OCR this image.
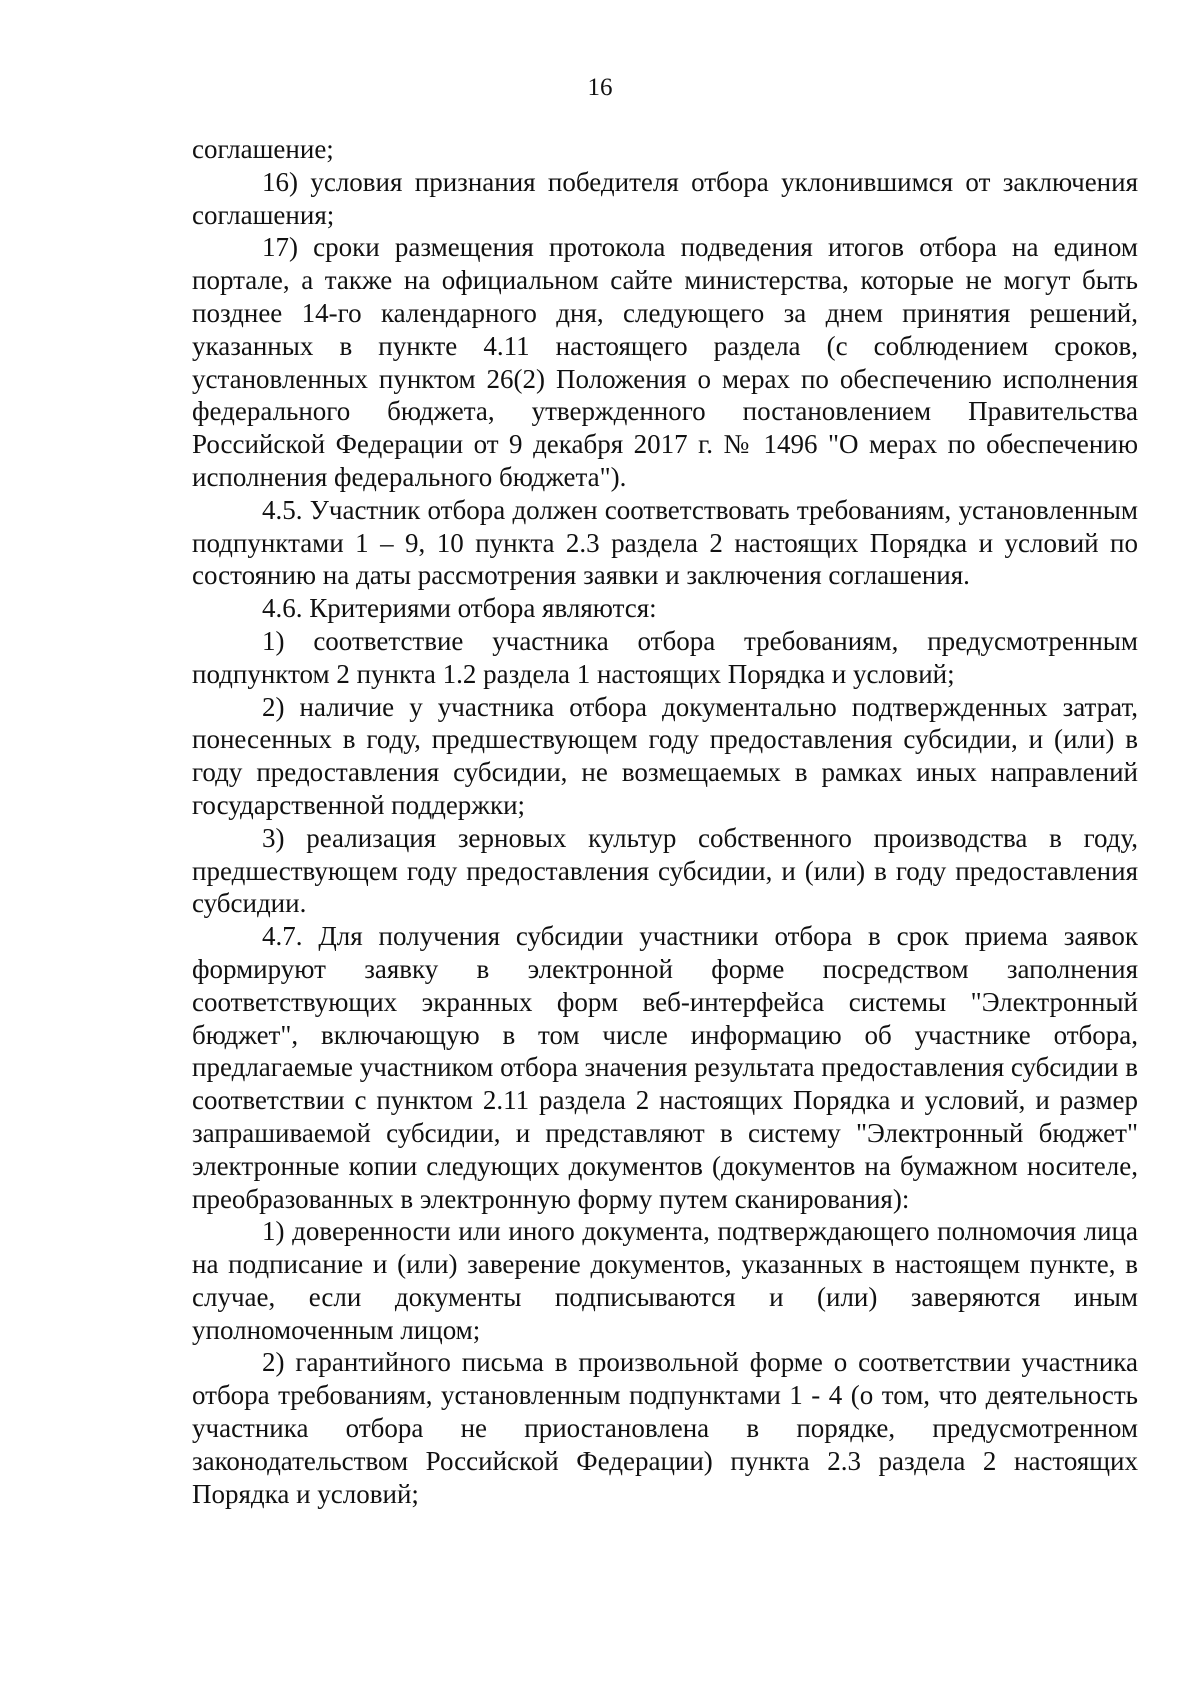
16

соглашение;

16) условия признания победителя отбора уклонившимся от заключения соглашения;

17) сроки размещения протокола подведения итогов отбора на едином портале, а также на официальном сайте министерства, которые не могут быть позднее 14-го календарного дня, следующего за днем принятия решений, указанных в пункте 4.11 настоящего раздела (с соблюдением сроков, установленных пунктом 26(2) Положения о мерах по обеспечению исполнения федерального бюджета, утвержденного постановлением Правительства Российской Федерации от 9 декабря 2017 г. № 1496 "О мерах по обеспечению исполнения федерального бюджета").

4.5. Участник отбора должен соответствовать требованиям, установленным подпунктами 1 – 9, 10 пункта 2.3 раздела 2 настоящих Порядка и условий по состоянию на даты рассмотрения заявки и заключения соглашения.

4.6. Критериями отбора являются:

1) соответствие участника отбора требованиям, предусмотренным подпунктом 2 пункта 1.2 раздела 1 настоящих Порядка и условий;

2) наличие у участника отбора документально подтвержденных затрат, понесенных в году, предшествующем году предоставления субсидии, и (или) в году предоставления субсидии, не возмещаемых в рамках иных направлений государственной поддержки;

3) реализация зерновых культур собственного производства в году, предшествующем году предоставления субсидии, и (или) в году предоставления субсидии.

4.7. Для получения субсидии участники отбора в срок приема заявок формируют заявку в электронной форме посредством заполнения соответствующих экранных форм веб-интерфейса системы "Электронный бюджет", включающую в том числе информацию об участнике отбора, предлагаемые участником отбора значения результата предоставления субсидии в соответствии с пунктом 2.11 раздела 2 настоящих Порядка и условий, и размер запрашиваемой субсидии, и представляют в систему "Электронный бюджет" электронные копии следующих документов (документов на бумажном носителе, преобразованных в электронную форму путем сканирования):

1) доверенности или иного документа, подтверждающего полномочия лица на подписание и (или) заверение документов, указанных в настоящем пункте, в случае, если документы подписываются и (или) заверяются иным уполномоченным лицом;

2) гарантийного письма в произвольной форме о соответствии участника отбора требованиям, установленным подпунктами 1 - 4 (о том, что деятельность участника отбора не приостановлена в порядке, предусмотренном законодательством Российской Федерации) пункта 2.3 раздела 2 настоящих Порядка и условий;
